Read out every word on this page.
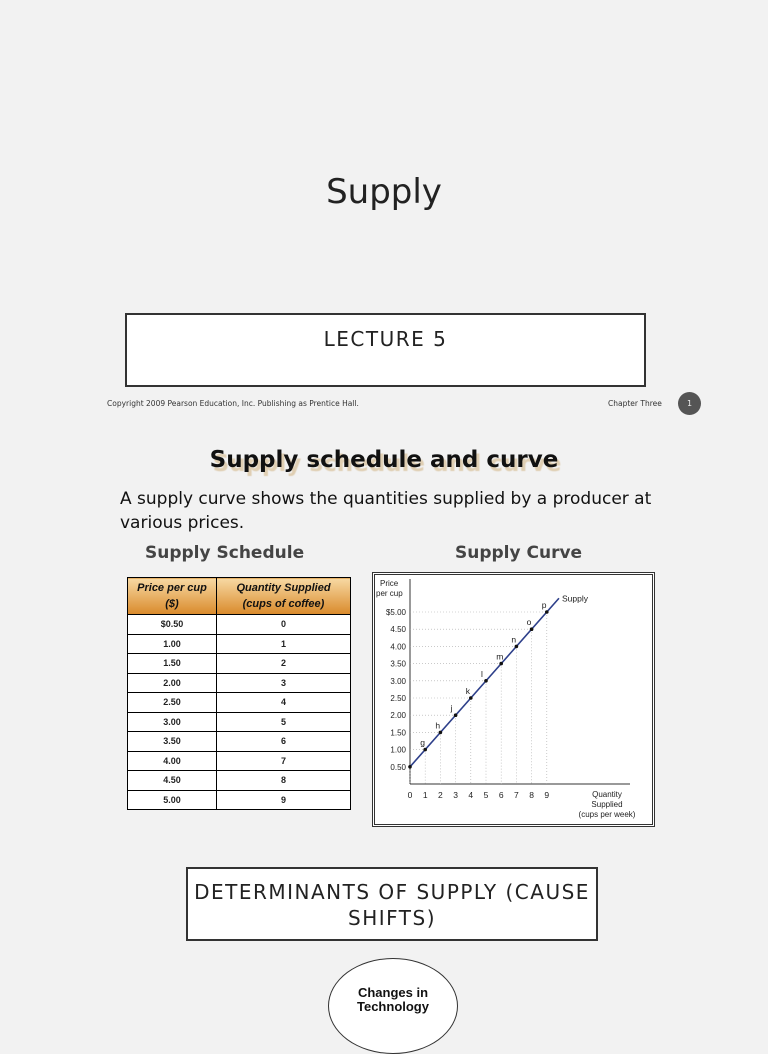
Supply
LECTURE 5
Copyright 2009 Pearson Education, Inc. Publishing as Prentice Hall.	Chapter Three	1
Supply schedule and curve
A supply curve shows the quantities supplied by a producer at various prices.
Supply Schedule	Supply Curve
Price per cup ($)	Quantity Supplied (cups of coffee)
$0.50	0
1.00	1
1.50	2
2.00	3
2.50	4
3.00	5
3.50	6
4.00	7
4.50	8
5.00	9
g
h
j
k
l
m
n
o
p
0.50
1.00
1.50
2.00
2.50
3.00
3.50
4.00
4.50
$5.00
0 1 2 3 4 5 6 7 8 9
Price per cup
Quantity Supplied (cups per week)
Supply
DETERMINANTS OF SUPPLY (CAUSE SHIFTS)
Changes in Technology
